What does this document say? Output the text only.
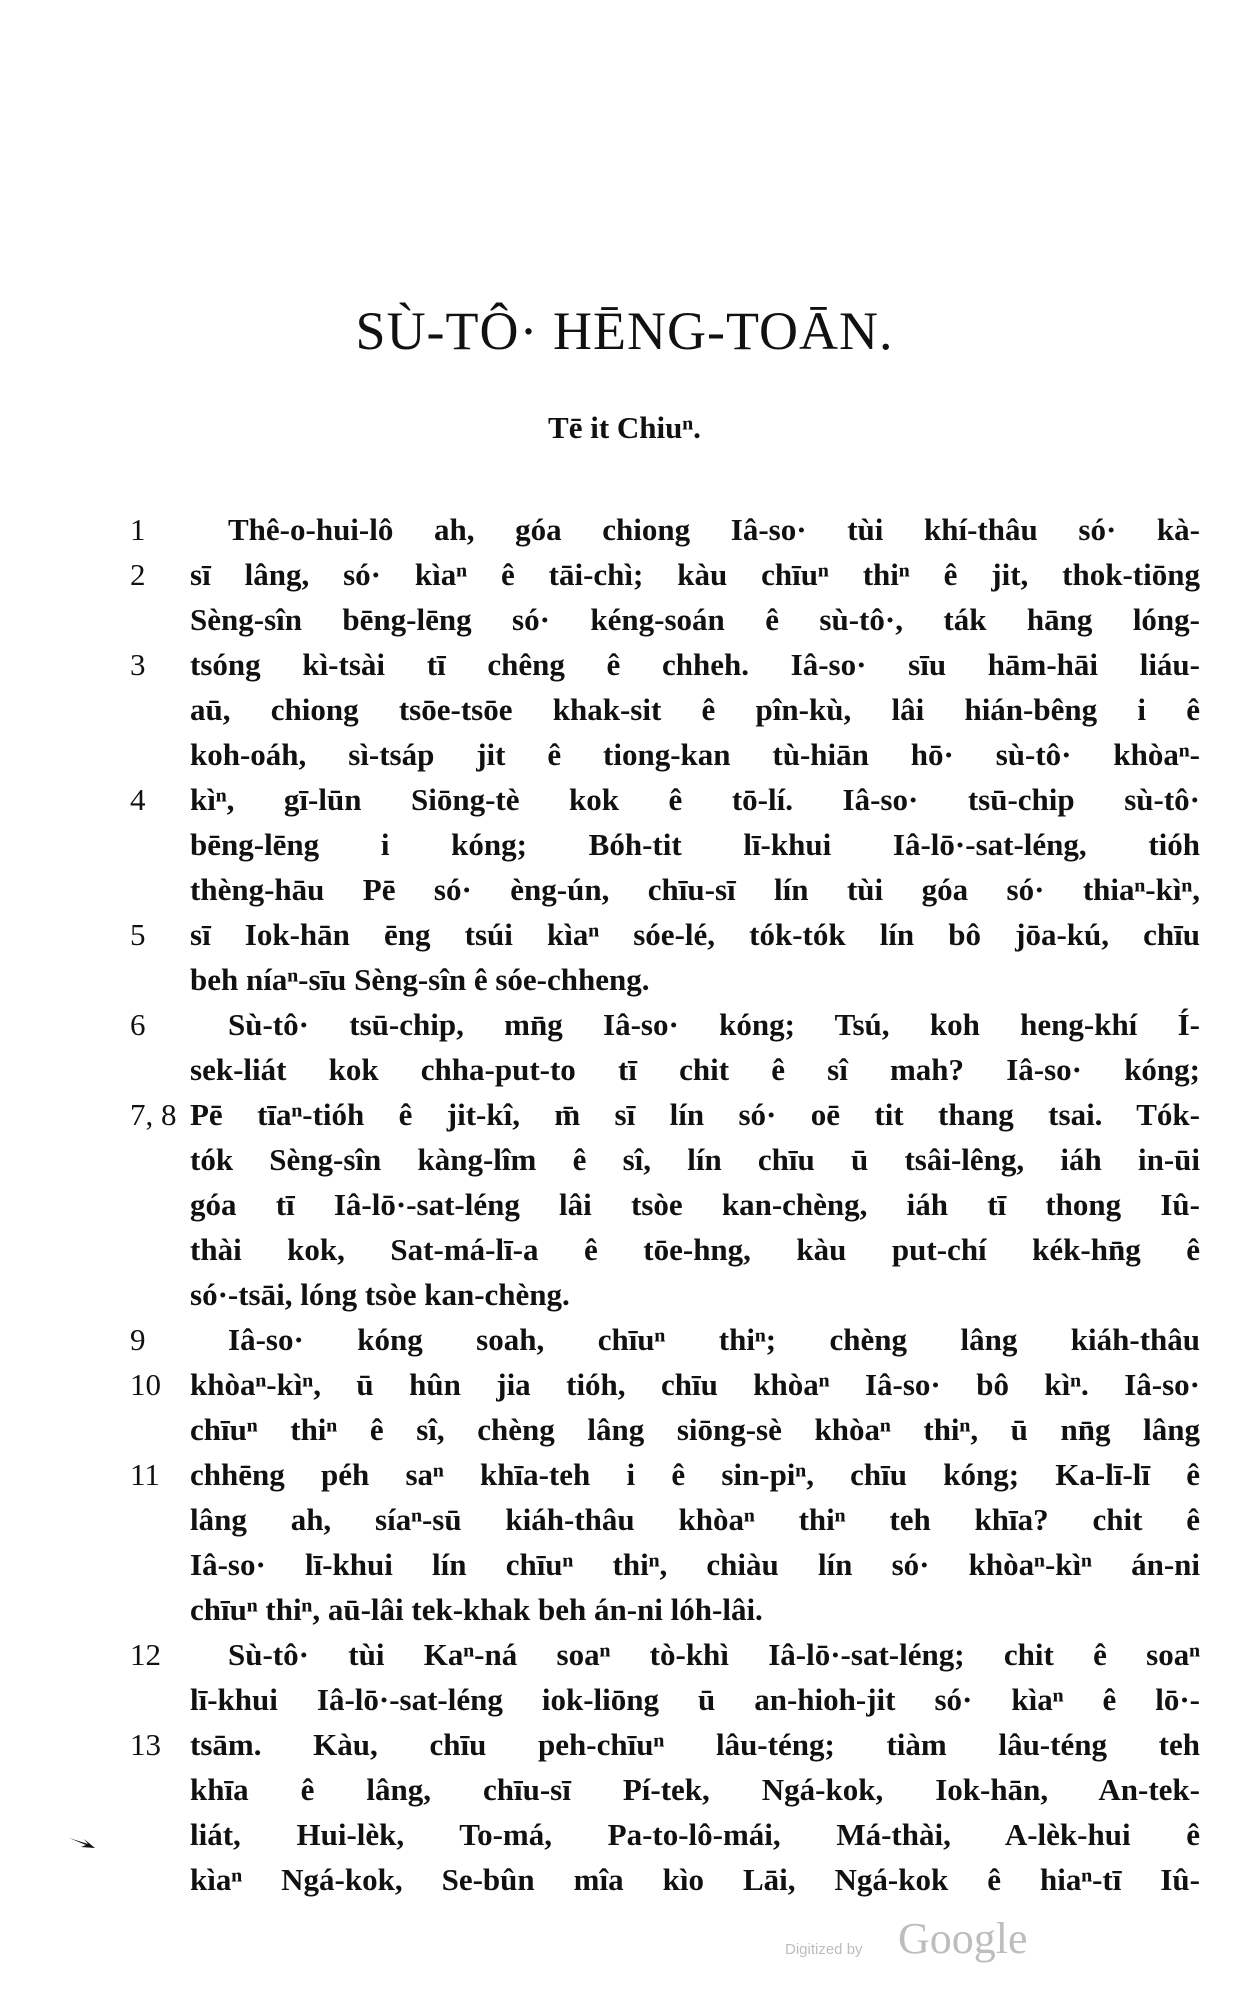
SÙ-TÔ· HĒNG-TOĀN.
Tē it Chiuⁿ.
1	Thê-o-hui-lô ah, góa chiong Iâ-so· tùi khí-thâu só· kà-
2	sī lâng, só· kìaⁿ ê tāi-chì; kàu chīuⁿ thiⁿ ê jit, thok-tiōng
Sèng-sîn bēng-lēng só· kéng-soán ê sù-tô·, ták hāng lóng-
3	tsóng kì-tsài tī chêng ê chheh. Iâ-so· sīu hām-hāi liáu-
aū, chiong tsōe-tsōe khak-sit ê pîn-kù, lâi hián-bêng i ê
koh-oáh, sì-tsáp jit ê tiong-kan tù-hiān hō· sù-tô· khòaⁿ-
4	kìⁿ, gī-lūn Siōng-tè kok ê tō-lí. Iâ-so· tsū-chip sù-tô·
bēng-lēng i kóng; Bóh-tit lī-khui Iâ-lō·-sat-léng, tióh
thèng-hāu Pē só· èng-ún, chīu-sī lín tùi góa só· thiaⁿ-kìⁿ,
5	sī Iok-hān ēng tsúi kìaⁿ sóe-lé, tók-tók lín bô jōa-kú, chīu
beh níaⁿ-sīu Sèng-sîn ê sóe-chheng.
6	Sù-tô· tsū-chip, mn̄g Iâ-so· kóng; Tsú, koh heng-khí Í-
sek-liát kok chha-put-to tī chit ê sî mah? Iâ-so· kóng;
7, 8 Pē tīaⁿ-tióh ê jit-kî, m̄ sī lín só· oē tit thang tsai. Tók-
tók Sèng-sîn kàng-lîm ê sî, lín chīu ū tsâi-lêng, iáh in-ūi
góa tī Iâ-lō·-sat-léng lâi tsòe kan-chèng, iáh tī thong Iû-
thài kok, Sat-má-lī-a ê tōe-hng, kàu put-chí kék-hn̄g ê
só·-tsāi, lóng tsòe kan-chèng.
9	Iâ-so· kóng soah, chīuⁿ thiⁿ; chèng lâng kiáh-thâu
10 khòaⁿ-kìⁿ, ū hûn jia tióh, chīu khòaⁿ Iâ-so· bô kìⁿ. Iâ-so·
chīuⁿ thiⁿ ê sî, chèng lâng siōng-sè khòaⁿ thiⁿ, ū nn̄g lâng
11 chhēng péh saⁿ khīa-teh i ê sin-piⁿ, chīu kóng; Ka-lī-lī ê
lâng ah, síaⁿ-sū kiáh-thâu khòaⁿ thiⁿ teh khīa? chit ê
Iâ-so· lī-khui lín chīuⁿ thiⁿ, chiàu lín só· khòaⁿ-kìⁿ án-ni
chīuⁿ thiⁿ, aū-lâi tek-khak beh án-ni lóh-lâi.
12	Sù-tô· tùi Kaⁿ-ná soaⁿ tò-khì Iâ-lō·-sat-léng; chit ê soaⁿ
lī-khui Iâ-lō·-sat-léng iok-liōng ū an-hioh-jit só· kìaⁿ ê lō·-
13 tsām. Kàu, chīu peh-chīuⁿ lâu-téng; tiàm lâu-téng teh
khīa ê lâng, chīu-sī Pí-tek, Ngá-kok, Iok-hān, An-tek-
liát, Hui-lèk, To-má, Pa-to-lô-mái, Má-thài, A-lèk-hui ê
kìaⁿ Ngá-kok, Se-bûn mîa kìo Lāi, Ngá-kok ê hiaⁿ-tī Iû-
Digitized by Google
